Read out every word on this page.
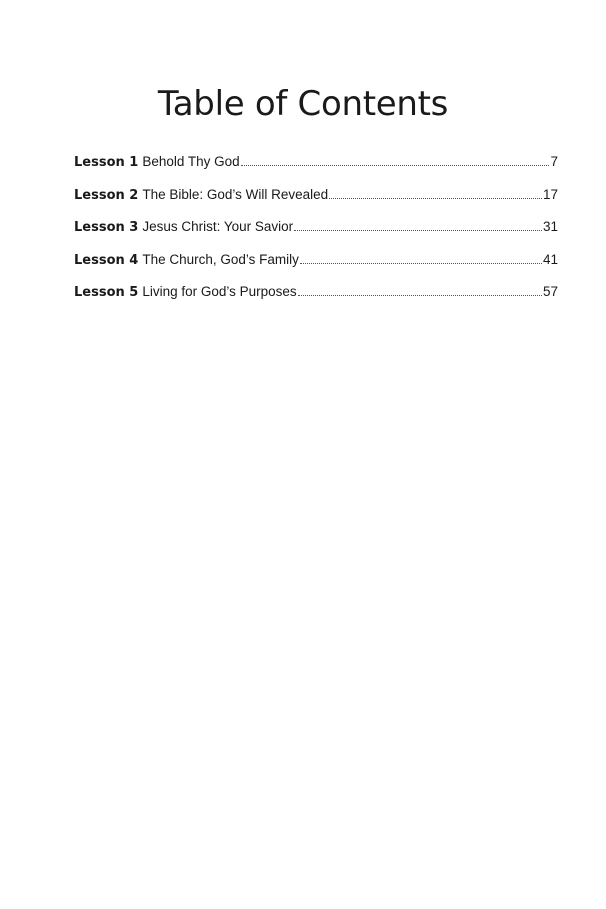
Table of Contents
Lesson 1 Behold Thy God	7
Lesson 2 The Bible: God’s Will Revealed	17
Lesson 3 Jesus Christ: Your Savior	31
Lesson 4 The Church, God’s Family	41
Lesson 5 Living for God’s Purposes	57
